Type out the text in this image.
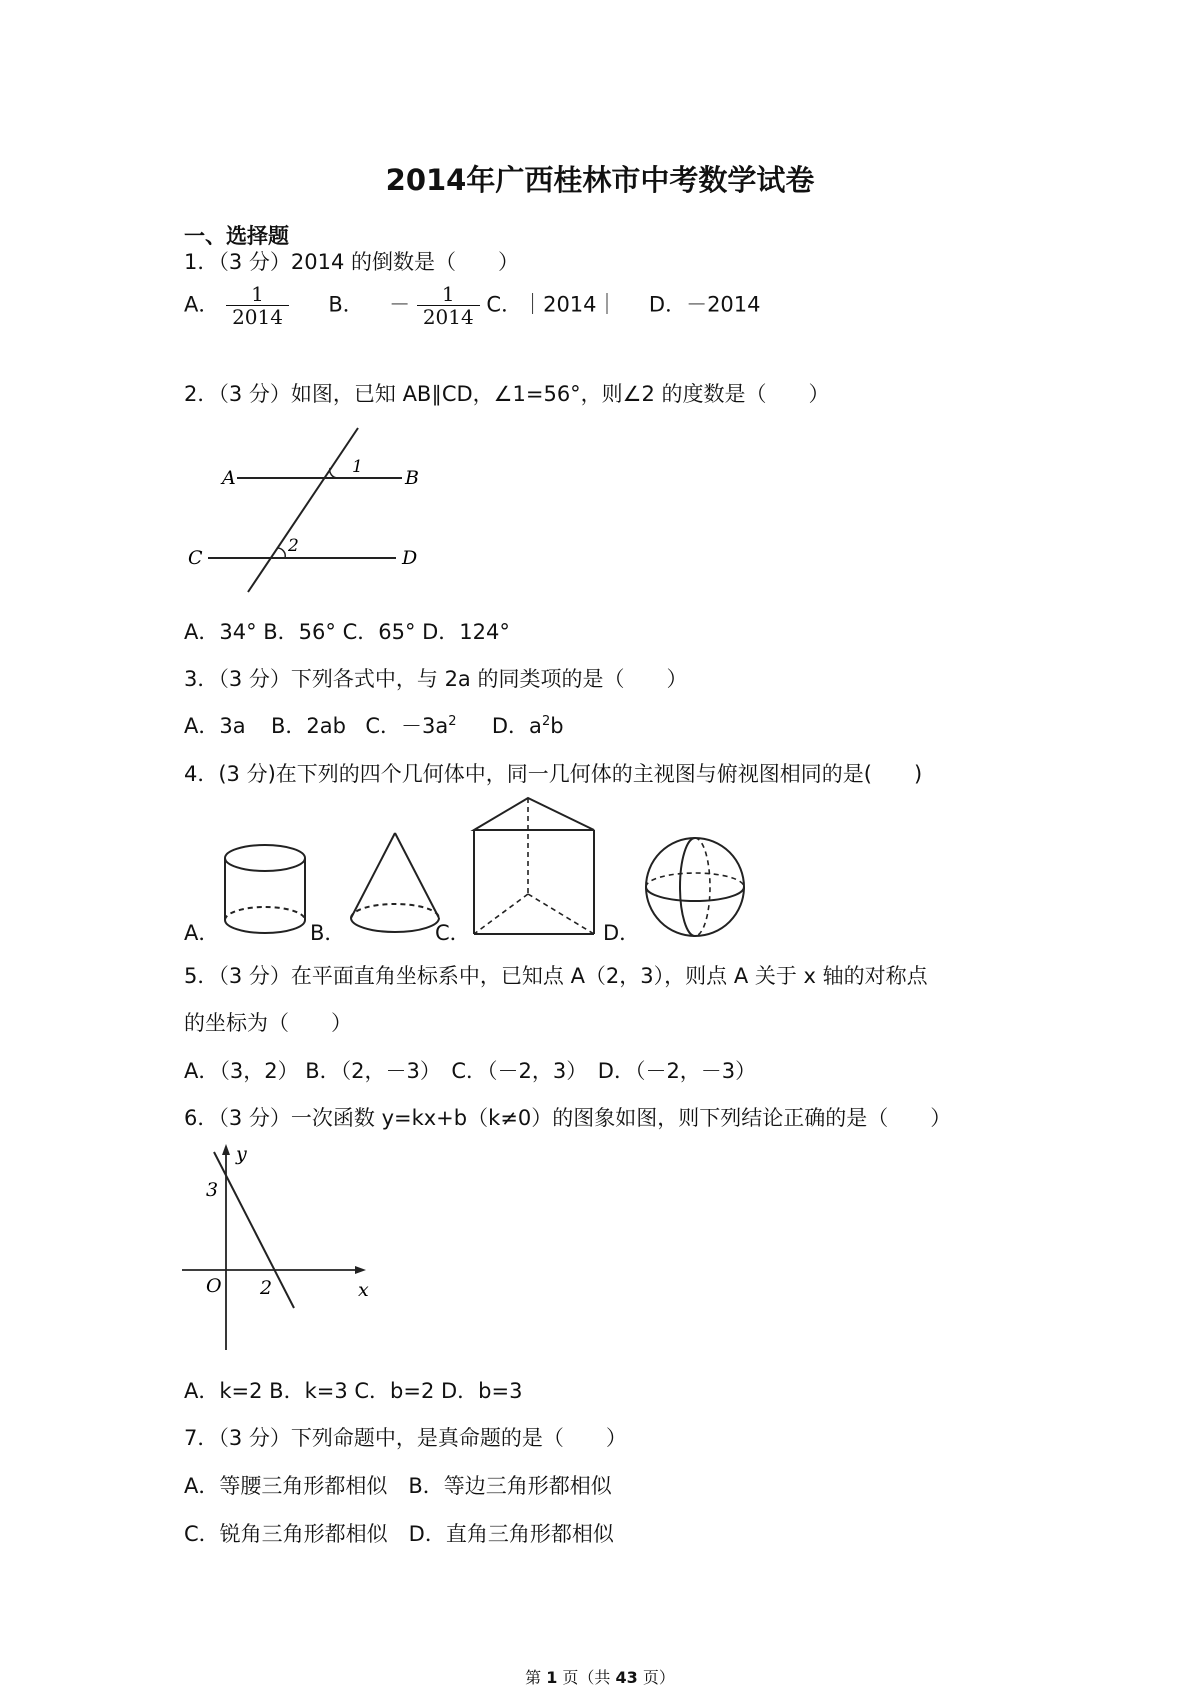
2014年广西桂林市中考数学试卷
一、选择题
1．（3 分）2014 的倒数是（　　）
A． $\frac{1}{2014}$ B． － $\frac{1}{2014}$ C．｜2014｜ D．－2014
2．（3 分）如图，已知 AB∥CD，∠1=56°，则∠2 的度数是（　　）
A	B
C	D
1
2
A．34° B．56° C．65° D．124°
3．（3 分）下列各式中，与 2a 的同类项的是（　　）
A．3a B．2ab C．$-3a^2$ D．$a^2b$
4．(3 分)在下列的四个几何体中，同一几何体的主视图与俯视图相同的是(　　)
A．	B．	C．	D．
5．（3 分）在平面直角坐标系中，已知点 A（2，3），则点 A 关于 x 轴的对称点
的坐标为（　　）
A．（3，2） B．（2，－3）　C．（－2，3）　D．（－2，－3）
6．（3 分）一次函数 y=kx+b（k≠0）的图象如图，则下列结论正确的是（　　）
y
x
O
3
2
A．k=2 B．k=3 C．b=2 D．b=3
7．（3 分）下列命题中，是真命题的是（　　）
A．等腰三角形都相似　B．等边三角形都相似
C．锐角三角形都相似　D．直角三角形都相似
第 1 页（共 43 页）
